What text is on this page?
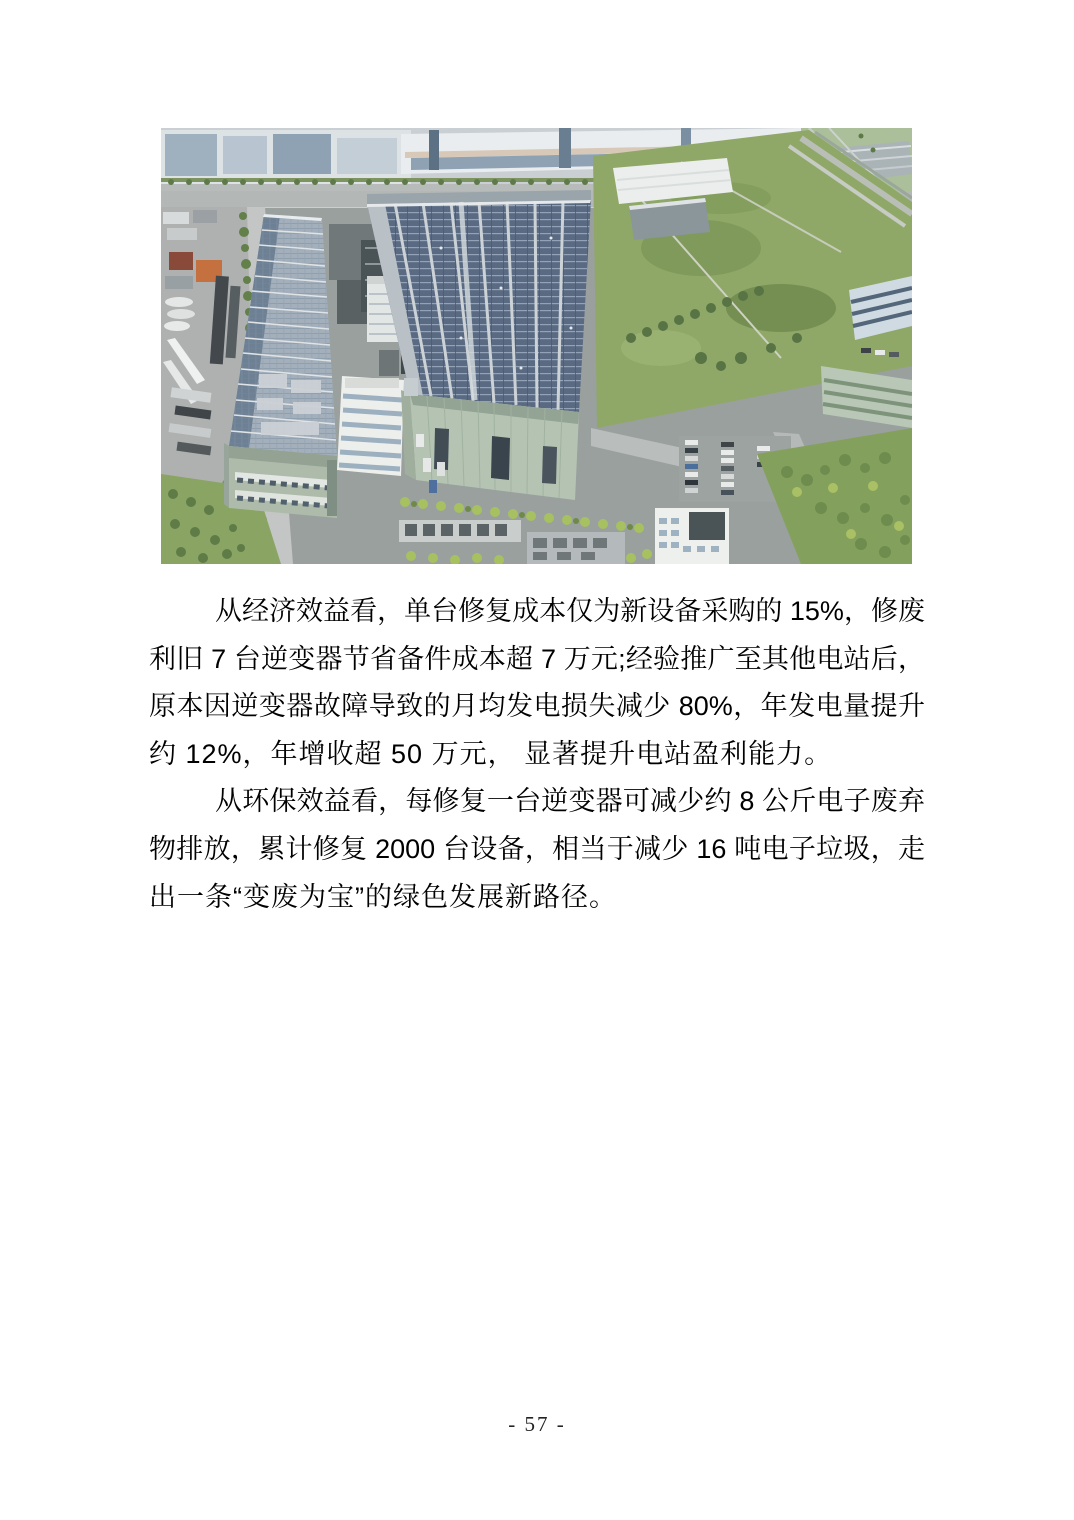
从经济效益看，单台修复成本仅为新设备采购的 15%，修废
利旧 7 台逆变器节省备件成本超 7 万元;经验推广至其他电站后，
原本因逆变器故障导致的月均发电损失减少 80%，年发电量提升
约 12%，年增收超 50 万元， 显著提升电站盈利能力。
从环保效益看，每修复一台逆变器可减少约 8 公斤电子废弃
物排放，累计修复 2000 台设备，相当于减少 16 吨电子垃圾，走
出一条“变废为宝”的绿色发展新路径。
- 57 -
